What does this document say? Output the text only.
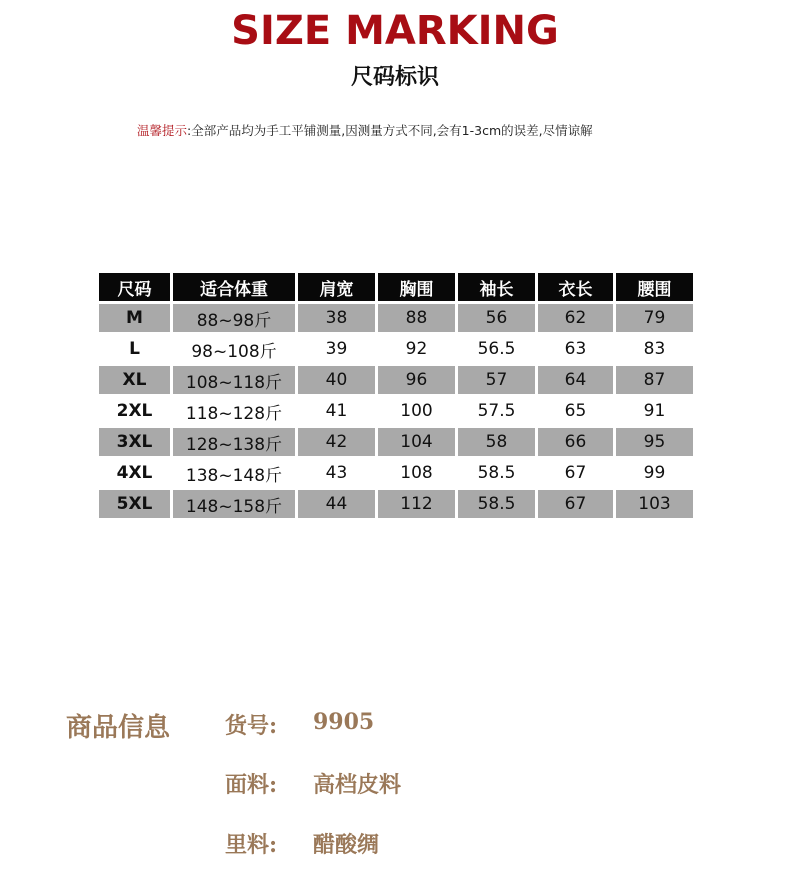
SIZE MARKING
尺码标识
温馨提示:全部产品均为手工平铺测量,因测量方式不同,会有1-3cm的误差,尽情谅解
尺码	适合体重	肩宽	胸围	袖长	衣长	腰围
M	88~98斤	38	88	56	62	79
L	98~108斤	39	92	56.5	63	83
XL	108~118斤	40	96	57	64	87
2XL	118~128斤	41	100	57.5	65	91
3XL	128~138斤	42	104	58	66	95
4XL	138~148斤	43	108	58.5	67	99
5XL	148~158斤	44	112	58.5	67	103
商品信息 货号: 9905
面料: 高档皮料
里料: 醋酸绸
